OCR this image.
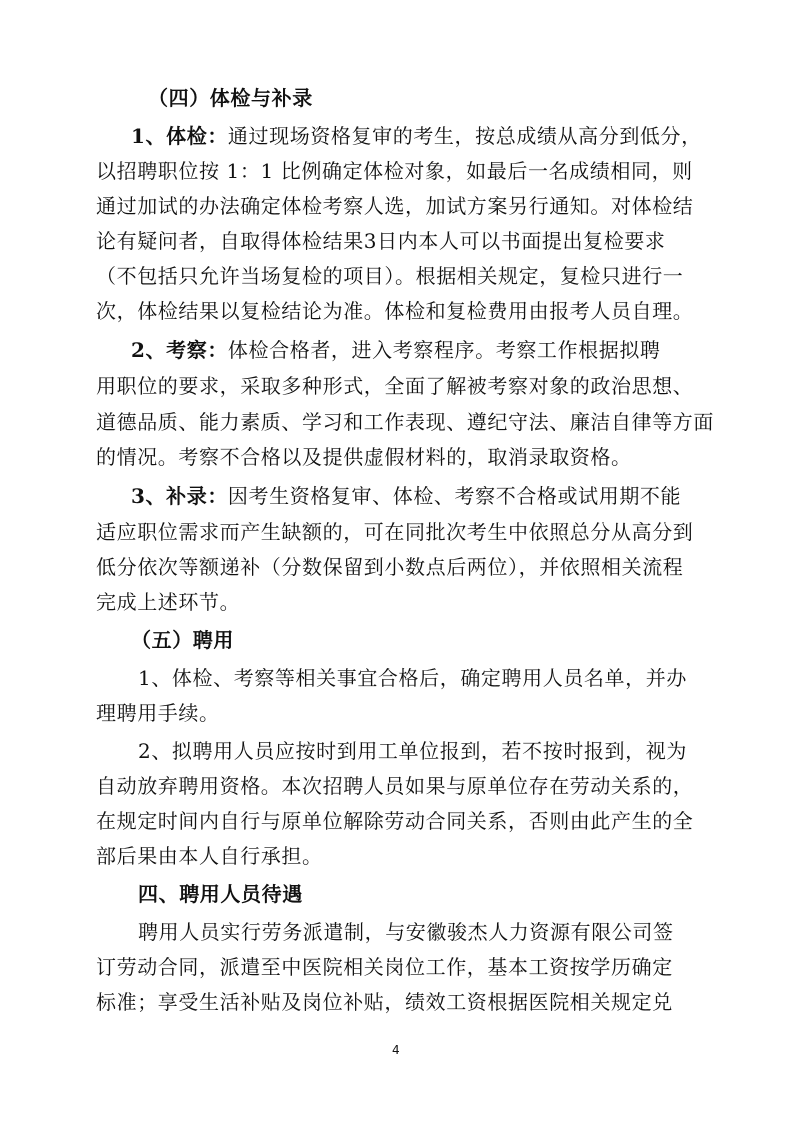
（四）体检与补录
1、体检：通过现场资格复审的考生，按总成绩从高分到低分，
以招聘职位按 1：1 比例确定体检对象，如最后一名成绩相同，则
通过加试的办法确定体检考察人选，加试方案另行通知。对体检结
论有疑问者，自取得体检结果3日内本人可以书面提出复检要求
（不包括只允许当场复检的项目）。根据相关规定，复检只进行一
次，体检结果以复检结论为准。体检和复检费用由报考人员自理。
2、考察：体检合格者，进入考察程序。考察工作根据拟聘
用职位的要求，采取多种形式，全面了解被考察对象的政治思想、
道德品质、能力素质、学习和工作表现、遵纪守法、廉洁自律等方面
的情况。考察不合格以及提供虚假材料的，取消录取资格。
3、补录：因考生资格复审、体检、考察不合格或试用期不能
适应职位需求而产生缺额的，可在同批次考生中依照总分从高分到
低分依次等额递补（分数保留到小数点后两位），并依照相关流程
完成上述环节。
（五）聘用
1、体检、考察等相关事宜合格后，确定聘用人员名单，并办
理聘用手续。
2、拟聘用人员应按时到用工单位报到，若不按时报到，视为
自动放弃聘用资格。本次招聘人员如果与原单位存在劳动关系的，
在规定时间内自行与原单位解除劳动合同关系，否则由此产生的全
部后果由本人自行承担。
四、聘用人员待遇
聘用人员实行劳务派遣制，与安徽骏杰人力资源有限公司签
订劳动合同，派遣至中医院相关岗位工作，基本工资按学历确定
标准；享受生活补贴及岗位补贴，绩效工资根据医院相关规定兑
4
